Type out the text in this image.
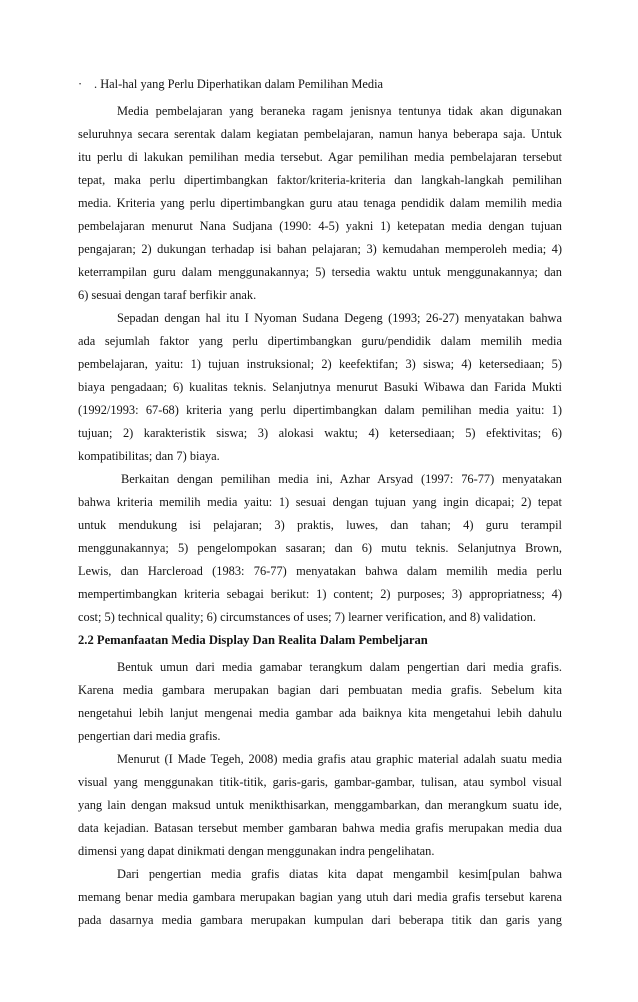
· . Hal-hal yang Perlu Diperhatikan dalam Pemilihan Media
Media pembelajaran yang beraneka ragam jenisnya tentunya tidak akan digunakan
seluruhnya secara serentak dalam kegiatan pembelajaran, namun hanya beberapa saja. Untuk
itu perlu di lakukan pemilihan media tersebut. Agar pemilihan media pembelajaran tersebut
tepat, maka perlu dipertimbangkan faktor/kriteria-kriteria dan langkah-langkah pemilihan
media. Kriteria yang perlu dipertimbangkan guru atau tenaga pendidik dalam memilih media
pembelajaran menurut Nana Sudjana (1990: 4-5) yakni 1) ketepatan media dengan tujuan
pengajaran; 2) dukungan terhadap isi bahan pelajaran; 3) kemudahan memperoleh media; 4)
keterrampilan guru dalam menggunakannya; 5) tersedia waktu untuk menggunakannya; dan
6) sesuai dengan taraf berfikir anak.
Sepadan dengan hal itu I Nyoman Sudana Degeng (1993; 26-27) menyatakan bahwa
ada sejumlah faktor yang perlu dipertimbangkan guru/pendidik dalam memilih media
pembelajaran, yaitu: 1) tujuan instruksional; 2) keefektifan; 3) siswa; 4) ketersediaan; 5)
biaya pengadaan; 6) kualitas teknis. Selanjutnya menurut Basuki Wibawa dan Farida Mukti
(1992/1993: 67-68) kriteria yang perlu dipertimbangkan dalam pemilihan media yaitu: 1)
tujuan; 2) karakteristik siswa; 3) alokasi waktu; 4) ketersediaan; 5) efektivitas; 6)
kompatibilitas; dan 7) biaya.
Berkaitan dengan pemilihan media ini, Azhar Arsyad (1997: 76-77) menyatakan
bahwa kriteria memilih media yaitu: 1) sesuai dengan tujuan yang ingin dicapai; 2) tepat
untuk mendukung isi pelajaran; 3) praktis, luwes, dan tahan; 4) guru terampil
menggunakannya; 5) pengelompokan sasaran; dan 6) mutu teknis. Selanjutnya Brown,
Lewis, dan Harcleroad (1983: 76-77) menyatakan bahwa dalam memilih media perlu
mempertimbangkan kriteria sebagai berikut: 1) content; 2) purposes; 3) appropriatness; 4)
cost; 5) technical quality; 6) circumstances of uses; 7) learner verification, and 8) validation.
2.2 Pemanfaatan Media Display Dan Realita Dalam Pembeljaran
Bentuk umun dari media gamabar terangkum dalam pengertian dari media grafis.
Karena media gambara merupakan bagian dari pembuatan media grafis. Sebelum kita
nengetahui lebih lanjut mengenai media gambar ada baiknya kita mengetahui lebih dahulu
pengertian dari media grafis.
Menurut (I Made Tegeh, 2008) media grafis atau graphic material adalah suatu media
visual yang menggunakan titik-titik, garis-garis, gambar-gambar, tulisan, atau symbol visual
yang lain dengan maksud untuk menikthisarkan, menggambarkan, dan merangkum suatu ide,
data kejadian. Batasan tersebut member gambaran bahwa media grafis merupakan media dua
dimensi yang dapat dinikmati dengan menggunakan indra pengelihatan.
Dari pengertian media grafis diatas kita dapat mengambil kesim[pulan bahwa
memang benar media gambara merupakan bagian yang utuh dari media grafis tersebut karena
pada dasarnya media gambara merupakan kumpulan dari beberapa titik dan garis yang
